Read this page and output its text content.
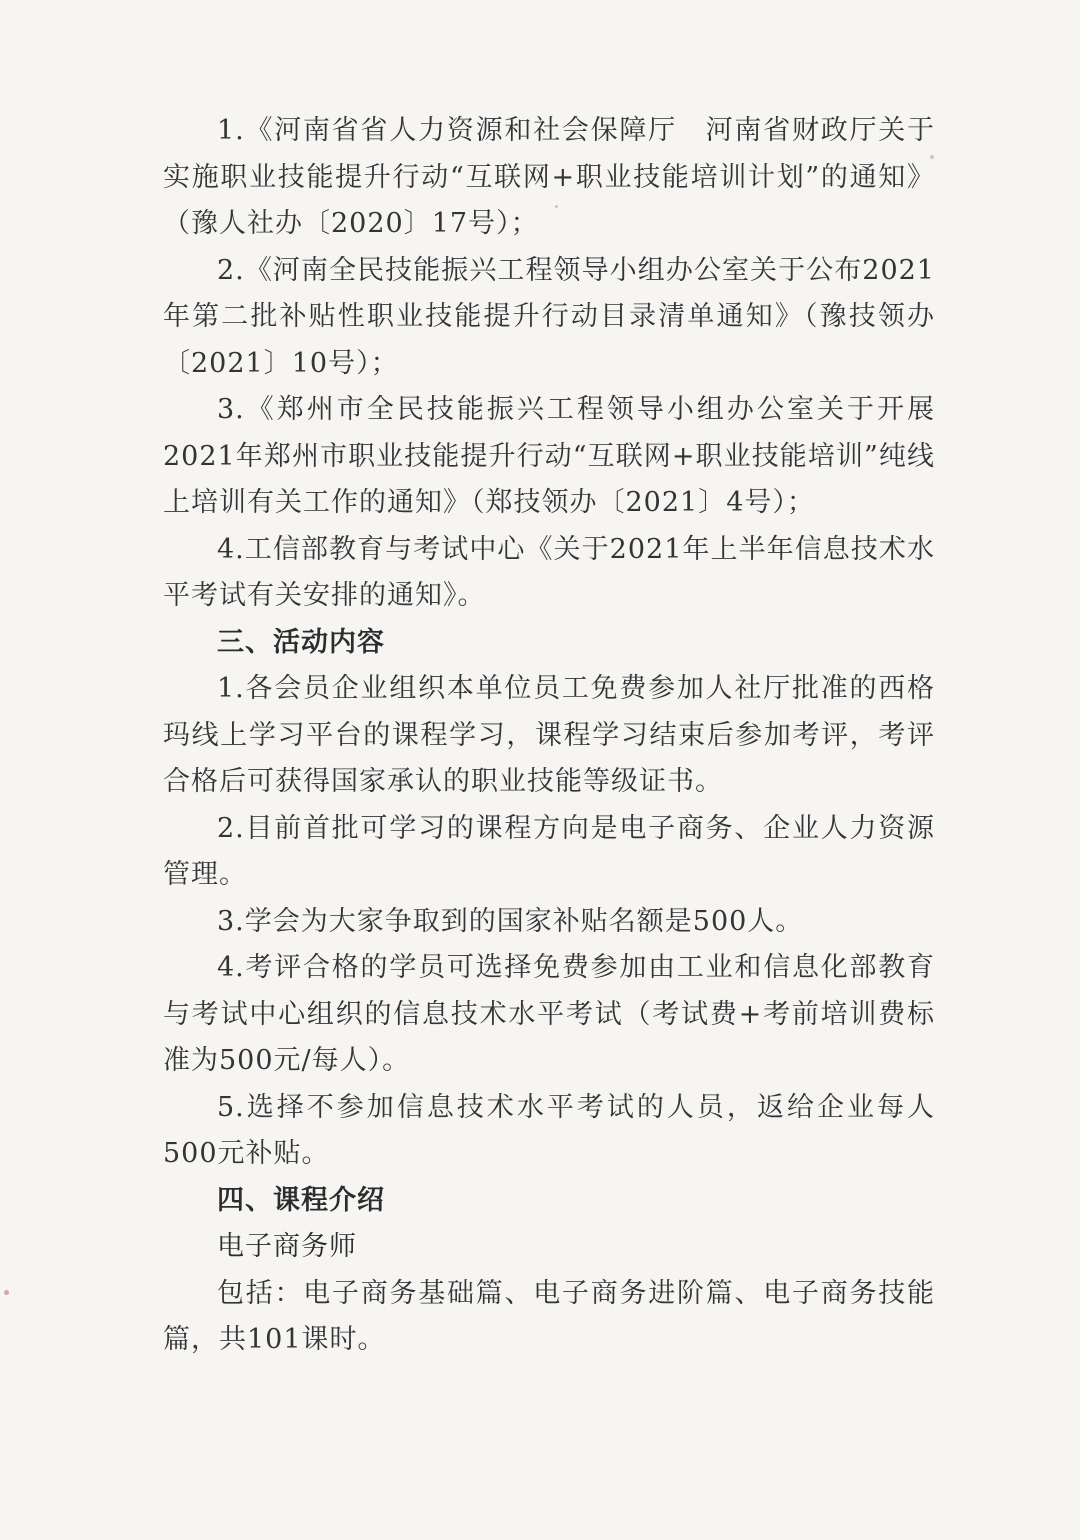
1.《河南省省人力资源和社会保障厅　河南省财政厅关于实施职业技能提升行动“互联网+职业技能培训计划”的通知》（豫人社办〔2020〕17号）；

2.《河南全民技能振兴工程领导小组办公室关于公布2021年第二批补贴性职业技能提升行动目录清单通知》（豫技领办〔2021〕10号）；

3.《郑州市全民技能振兴工程领导小组办公室关于开展2021年郑州市职业技能提升行动“互联网+职业技能培训”纯线上培训有关工作的通知》（郑技领办〔2021〕4号）；

4.工信部教育与考试中心《关于2021年上半年信息技术水平考试有关安排的通知》。

三、活动内容

1.各会员企业组织本单位员工免费参加人社厅批准的西格玛线上学习平台的课程学习，课程学习结束后参加考评，考评合格后可获得国家承认的职业技能等级证书。

2.目前首批可学习的课程方向是电子商务、企业人力资源管理。

3.学会为大家争取到的国家补贴名额是500人。

4.考评合格的学员可选择免费参加由工业和信息化部教育与考试中心组织的信息技术水平考试（考试费+考前培训费标准为500元/每人）。

5.选择不参加信息技术水平考试的人员，返给企业每人500元补贴。

四、课程介绍

电子商务师

包括：电子商务基础篇、电子商务进阶篇、电子商务技能篇，共101课时。
